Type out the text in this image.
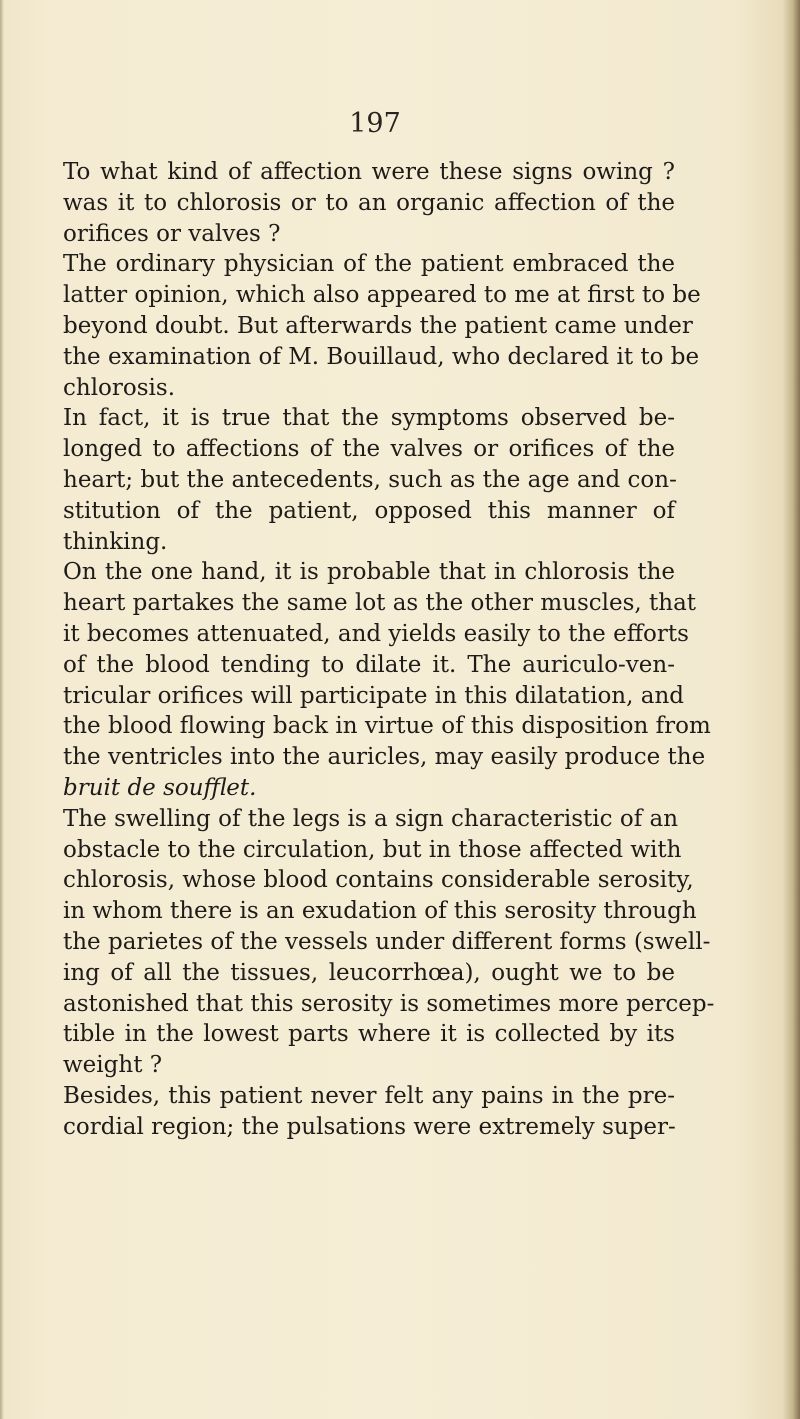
197

To what kind of affection were these signs owing ?
was it to chlorosis or to an organic affection of the
orifices or valves ?

The ordinary physician of the patient embraced the
latter opinion, which also appeared to me at first to be
beyond doubt. But afterwards the patient came under
the examination of M. Bouillaud, who declared it to be
chlorosis.

In fact, it is true that the symptoms observed be-
longed to affections of the valves or orifices of the
heart; but the antecedents, such as the age and con-
stitution of the patient, opposed this manner of
thinking.

On the one hand, it is probable that in chlorosis the
heart partakes the same lot as the other muscles, that
it becomes attenuated, and yields easily to the efforts
of the blood tending to dilate it. The auriculo-ven-
tricular orifices will participate in this dilatation, and
the blood flowing back in virtue of this disposition from
the ventricles into the auricles, may easily produce the
bruit de soufflet.

The swelling of the legs is a sign characteristic of an
obstacle to the circulation, but in those affected with
chlorosis, whose blood contains considerable serosity,
in whom there is an exudation of this serosity through
the parietes of the vessels under different forms (swell-
ing of all the tissues, leucorrhœa), ought we to be
astonished that this serosity is sometimes more percep-
tible in the lowest parts where it is collected by its
weight ?

Besides, this patient never felt any pains in the pre-
cordial region; the pulsations were extremely super-
